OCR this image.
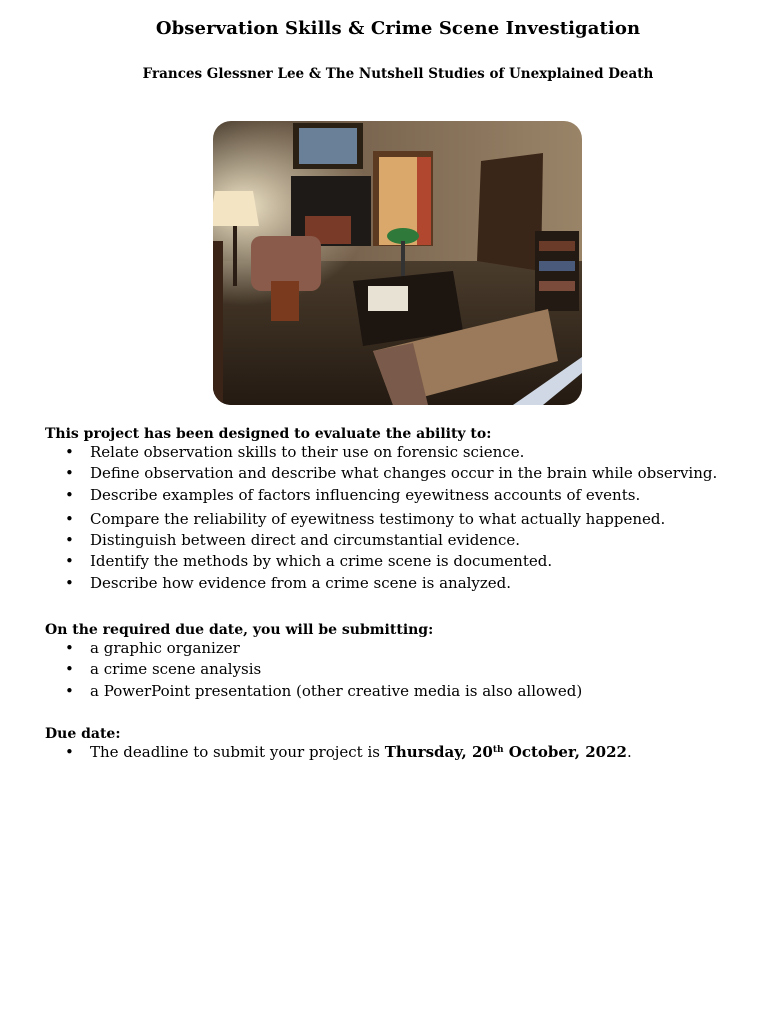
Observation Skills & Crime Scene Investigation
Frances Glessner Lee & The Nutshell Studies of Unexplained Death
This project has been designed to evaluate the ability to:
• Relate observation skills to their use on forensic science.
• Define observation and describe what changes occur in the brain while observing.
• Describe examples of factors influencing eyewitness accounts of events.
• Compare the reliability of eyewitness testimony to what actually happened.
• Distinguish between direct and circumstantial evidence.
• Identify the methods by which a crime scene is documented.
• Describe how evidence from a crime scene is analyzed.
On the required due date, you will be submitting:
• a graphic organizer
• a crime scene analysis
• a PowerPoint presentation (other creative media is also allowed)
Due date:
• The deadline to submit your project is Thursday, 20th October, 2022.
